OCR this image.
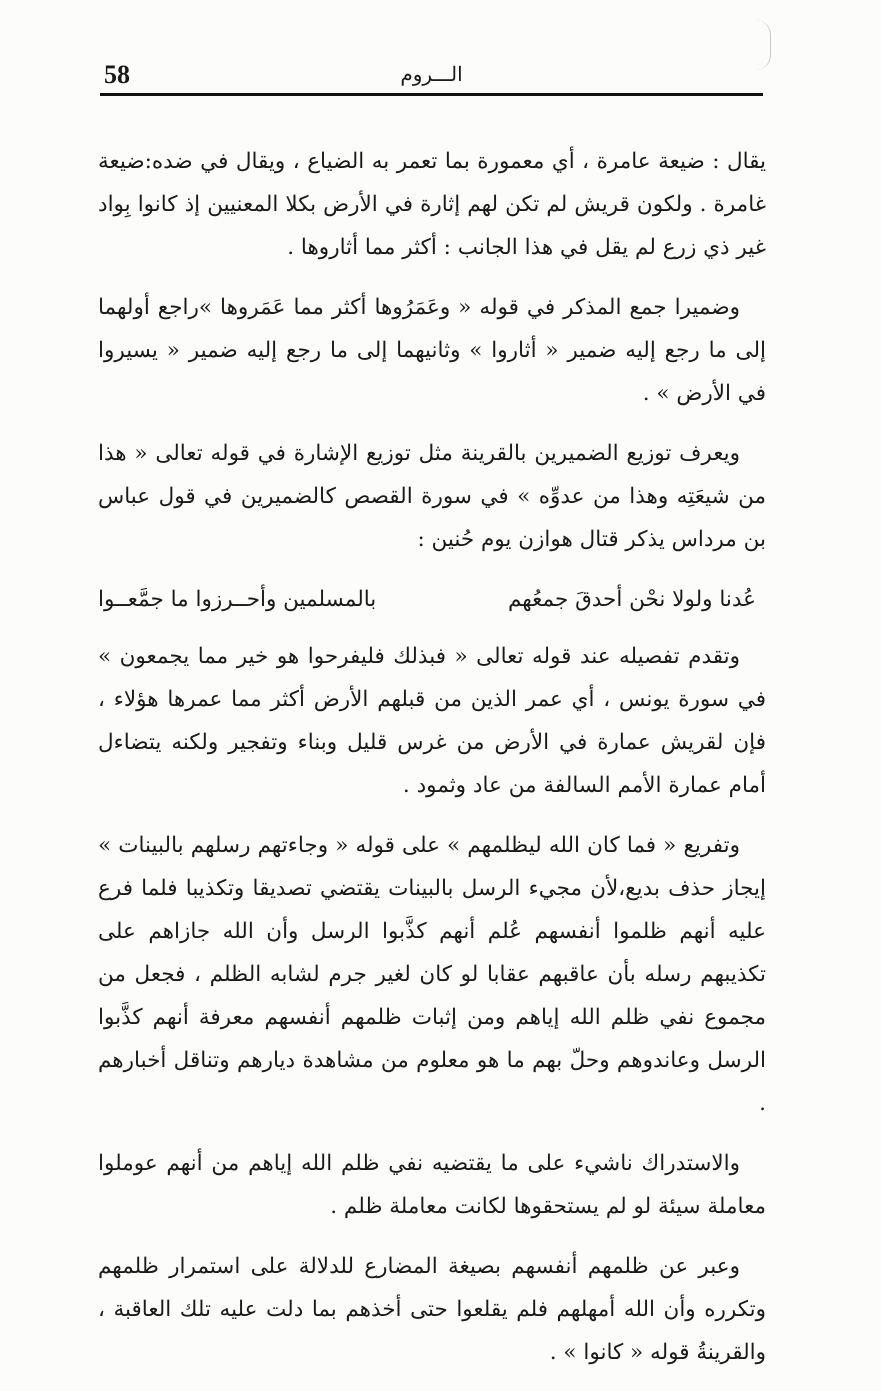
58	الـــروم

يقال : ضيعة عامرة ، أي معمورة بما تعمر به الضياع ، ويقال في ضده:ضيعة غامرة . ولكون قريش لم تكن لهم إثارة في الأرض بكلا المعنيين إذ كانوا بِواد غير ذي زرع لم يقل في هذا الجانب : أكثر مما أثاروها .

وضميرا جمع المذكر في قوله « وعَمَرُوها أكثر مما عَمَروها »راجع أولهما إلى ما رجع إليه ضمير « أثاروا » وثانيهما إلى ما رجع إليه ضمير « يسيروا في الأرض » .

ويعرف توزيع الضميرين بالقرينة مثل توزيع الإشارة في قوله تعالى « هذا من شيعَتِه وهذا من عدوِّه » في سورة القصص كالضميرين في قول عباس بن مرداس يذكر قتال هوازن يوم حُنين :

عُدنا ولولا نحْن أحدقَ جمعُهم
بالمسلمين وأحــرزوا ما جمَّعــوا

وتقدم تفصيله عند قوله تعالى « فبذلك فليفرحوا هو خير مما يجمعون » في سورة يونس ، أي عمر الذين من قبلهم الأرض أكثر مما عمرها هؤلاء ، فإن لقريش عمارة في الأرض من غرس قليل وبناء وتفجير ولكنه يتضاءل أمام عمارة الأمم السالفة من عاد وثمود .

وتفريع « فما كان الله ليظلمهم » على قوله « وجاءتهم رسلهم بالبينات » إيجاز حذف بديع،لأن مجيء الرسل بالبينات يقتضي تصديقا وتكذيبا فلما فرع عليه أنهم ظلموا أنفسهم عُلم أنهم كذَّبوا الرسل وأن الله جازاهم على تكذيبهم رسله بأن عاقبهم عقابا لو كان لغير جرم لشابه الظلم ، فجعل من مجموع نفي ظلم الله إياهم ومن إثبات ظلمهم أنفسهم معرفة أنهم كذَّبوا الرسل وعاندوهم وحلّ بهم ما هو معلوم من مشاهدة ديارهم وتناقل أخبارهم .

والاستدراك ناشيء على ما يقتضيه نفي ظلم الله إياهم من أنهم عوملوا معاملة سيئة لو لم يستحقوها لكانت معاملة ظلم .

وعبر عن ظلمهم أنفسهم بصيغة المضارع للدلالة على استمرار ظلمهم وتكرره وأن الله أمهلهم فلم يقلعوا حتى أخذهم بما دلت عليه تلك العاقبة ، والقرينةُ قوله « كانوا » .
